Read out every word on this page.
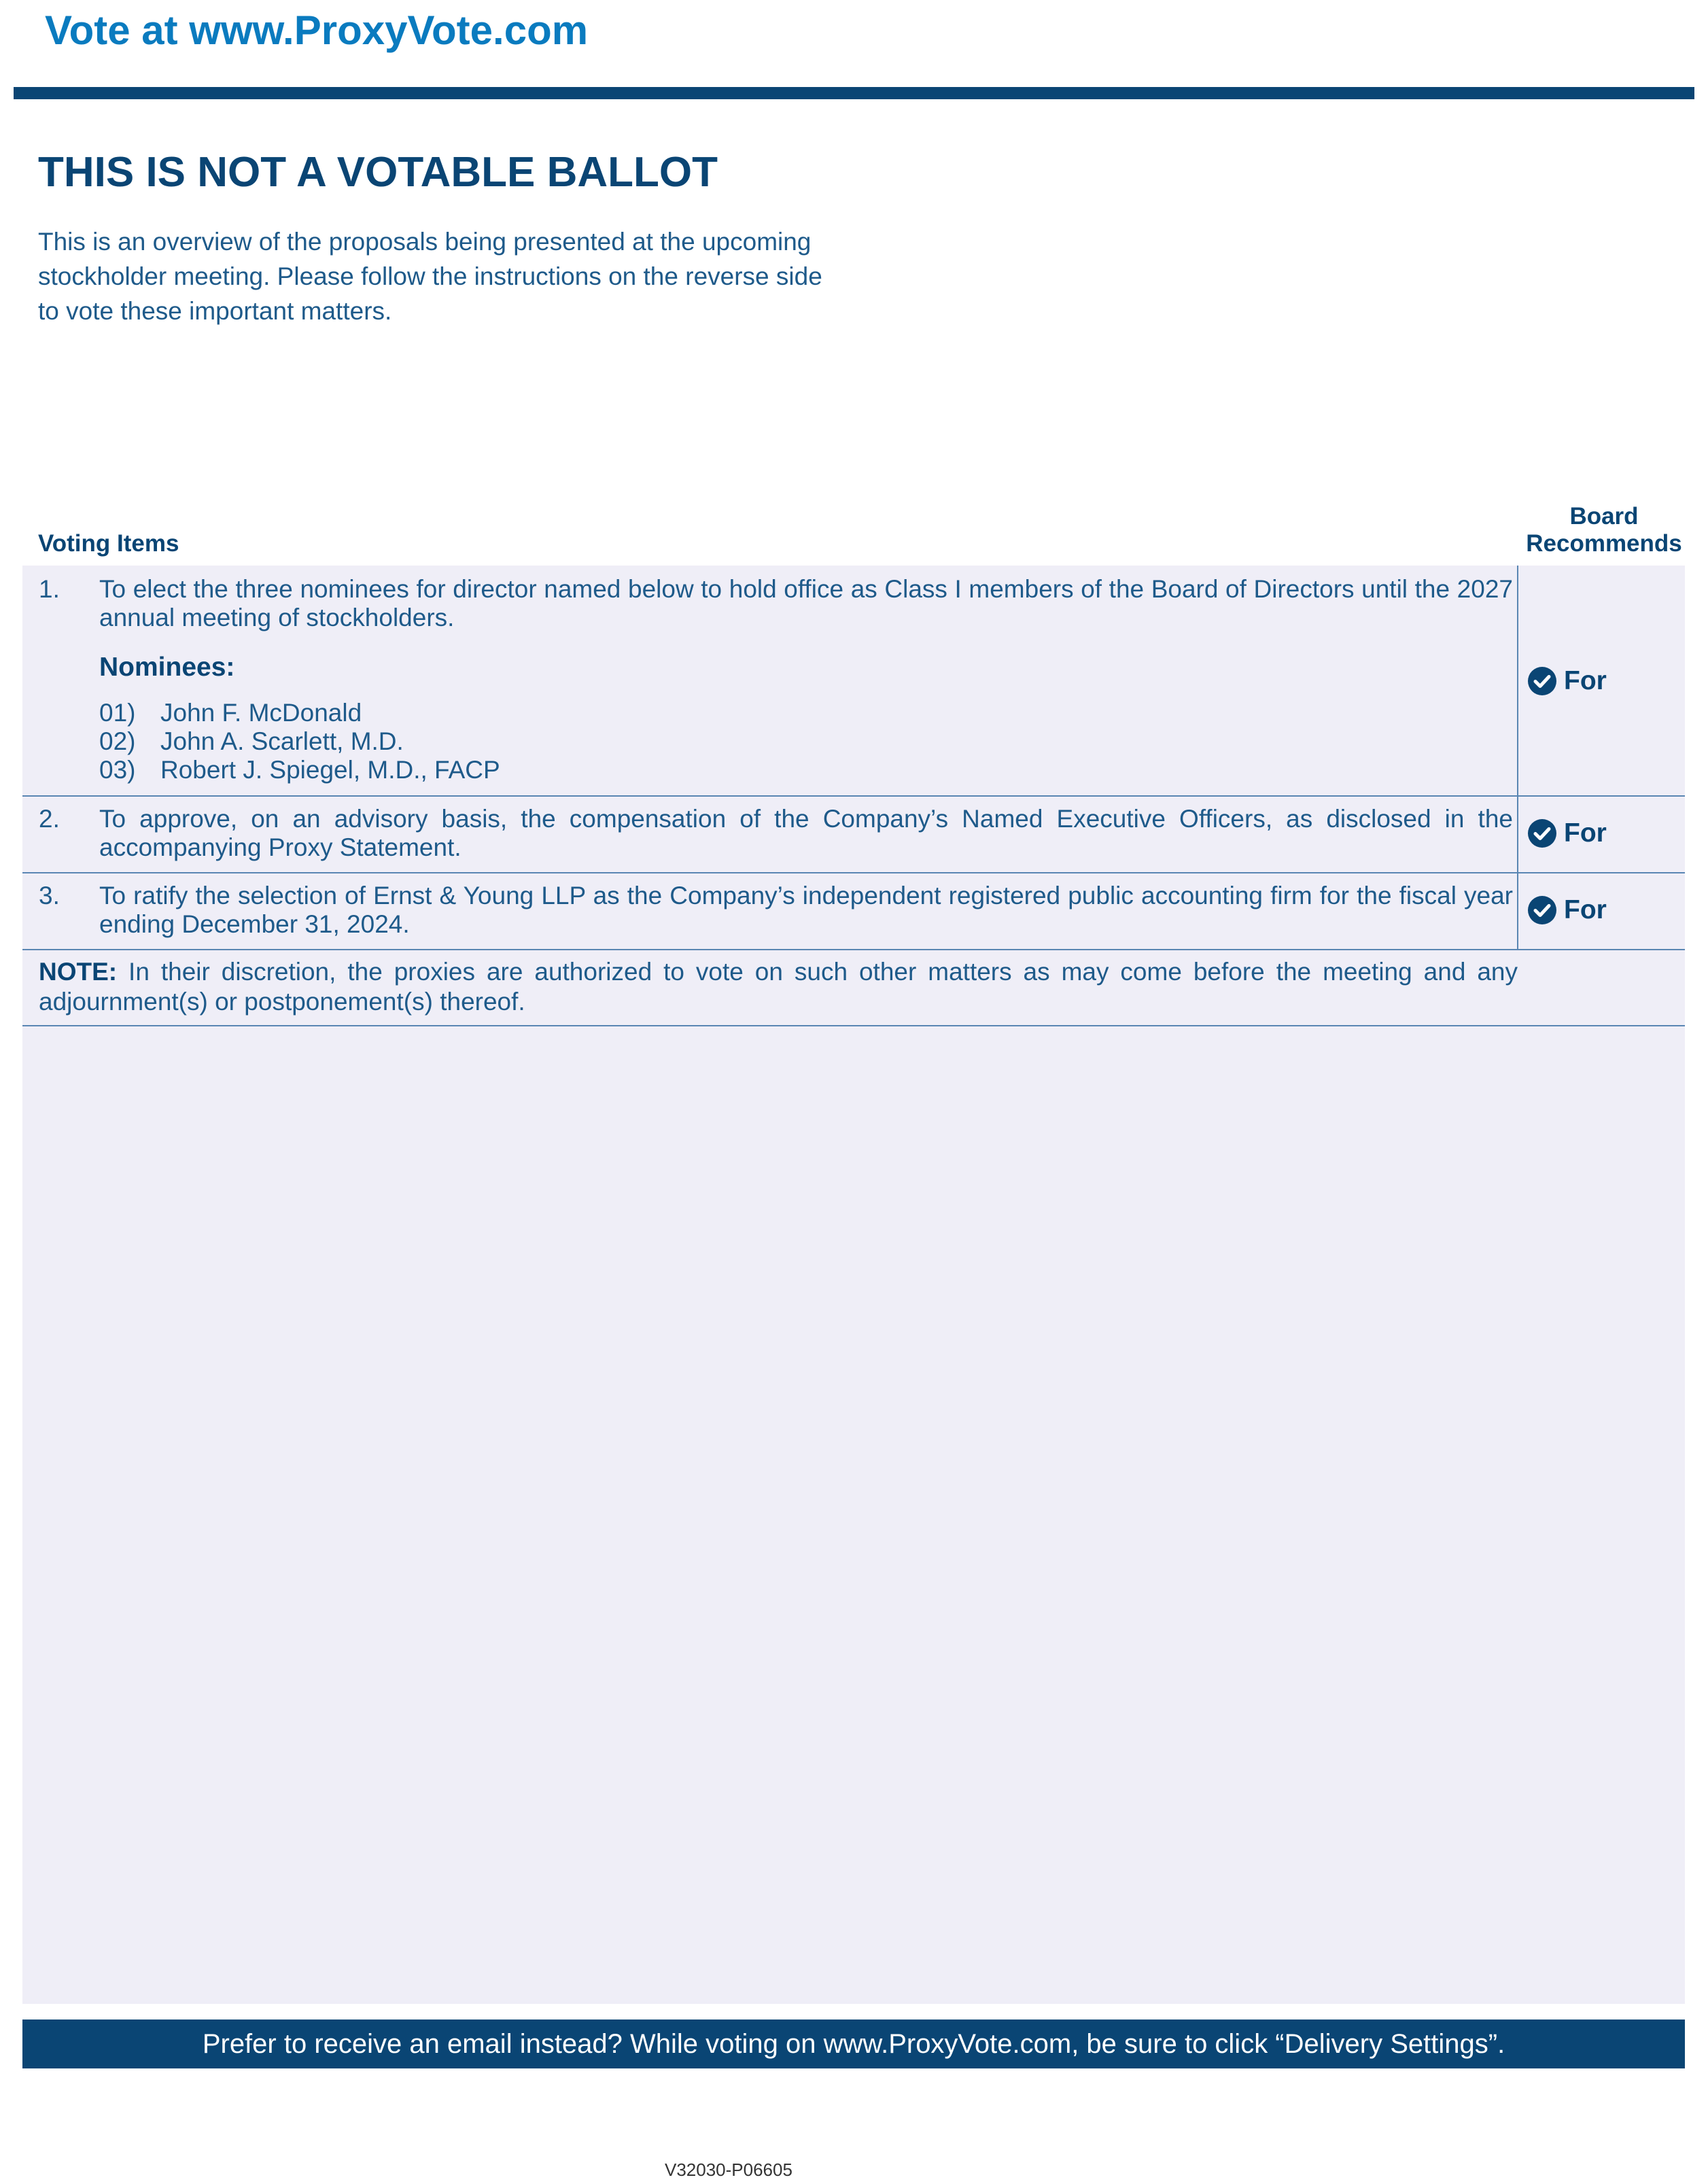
Vote at www.ProxyVote.com
THIS IS NOT A VOTABLE BALLOT
This is an overview of the proposals being presented at the upcoming stockholder meeting. Please follow the instructions on the reverse side to vote these important matters.
Voting Items
Board
Recommends
1. To elect the three nominees for director named below to hold office as Class I members of the Board of Directors until the 2027 annual meeting of stockholders.
Nominees:
01) John F. McDonald
02) John A. Scarlett, M.D.
03) Robert J. Spiegel, M.D., FACP
For
2. To approve, on an advisory basis, the compensation of the Company’s Named Executive Officers, as disclosed in the accompanying Proxy Statement.	For
3. To ratify the selection of Ernst & Young LLP as the Company’s independent registered public accounting firm for the fiscal year ending December 31, 2024.	For
NOTE: In their discretion, the proxies are authorized to vote on such other matters as may come before the meeting and any adjournment(s) or postponement(s) thereof.
Prefer to receive an email instead? While voting on www.ProxyVote.com, be sure to click “Delivery Settings”.
V32030-P06605
